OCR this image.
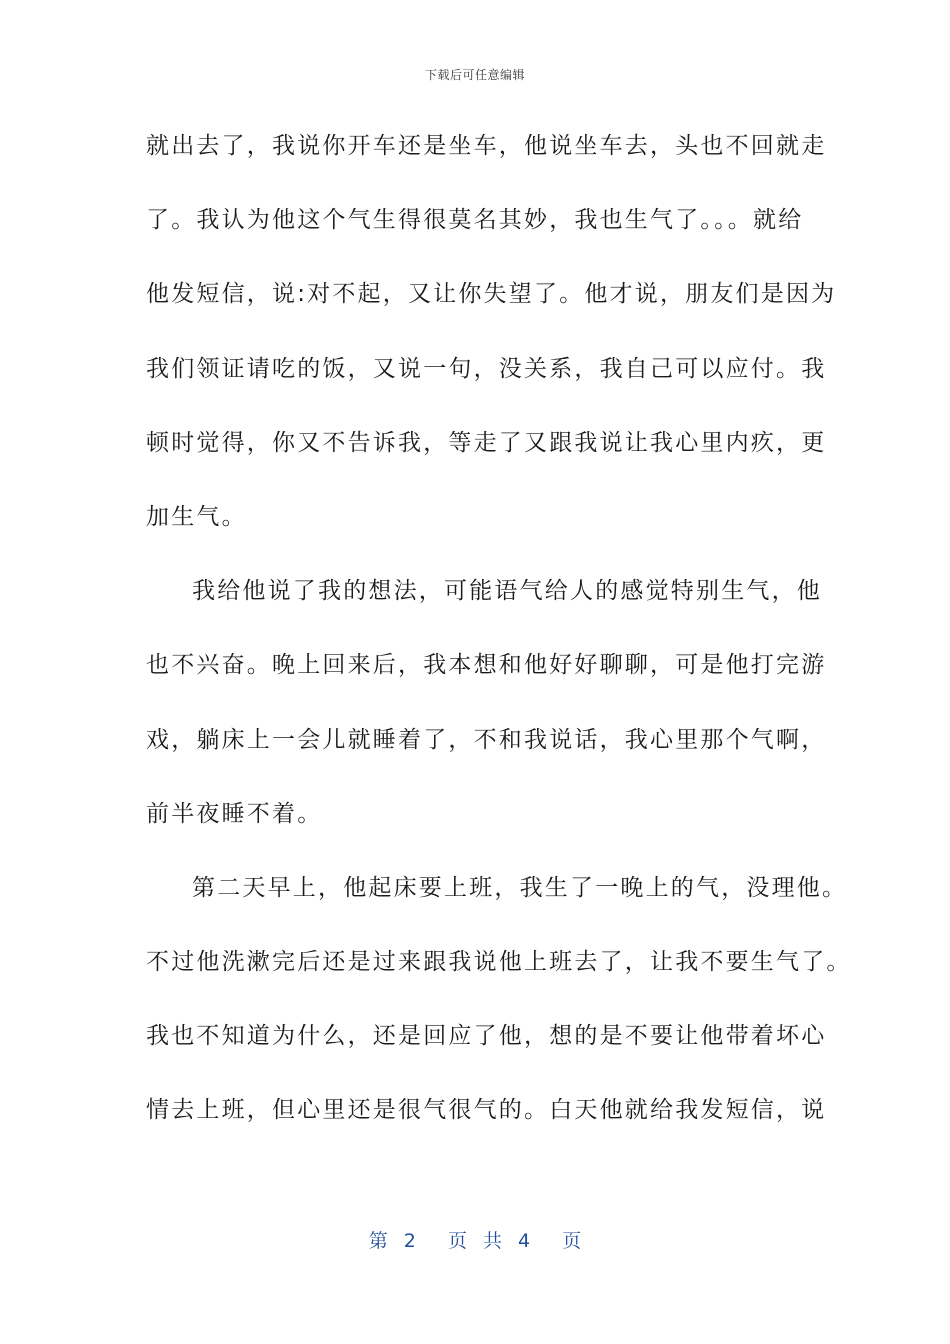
下载后可任意编辑
就出去了，我说你开车还是坐车，他说坐车去，头也不回就走
了。我认为他这个气生得很莫名其妙，我也生气了。。。就给
他发短信，说:对不起，又让你失望了。他才说，朋友们是因为
我们领证请吃的饭，又说一句，没关系，我自己可以应付。我
顿时觉得，你又不告诉我，等走了又跟我说让我心里内疚，更
加生气。
我给他说了我的想法，可能语气给人的感觉特别生气，他
也不兴奋。晚上回来后，我本想和他好好聊聊，可是他打完游
戏，躺床上一会儿就睡着了，不和我说话，我心里那个气啊，
前半夜睡不着。
第二天早上，他起床要上班，我生了一晚上的气，没理他。
不过他洗漱完后还是过来跟我说他上班去了，让我不要生气了。
我也不知道为什么，还是回应了他，想的是不要让他带着坏心
情去上班，但心里还是很气很气的。白天他就给我发短信，说
第 2  页 共 4  页
